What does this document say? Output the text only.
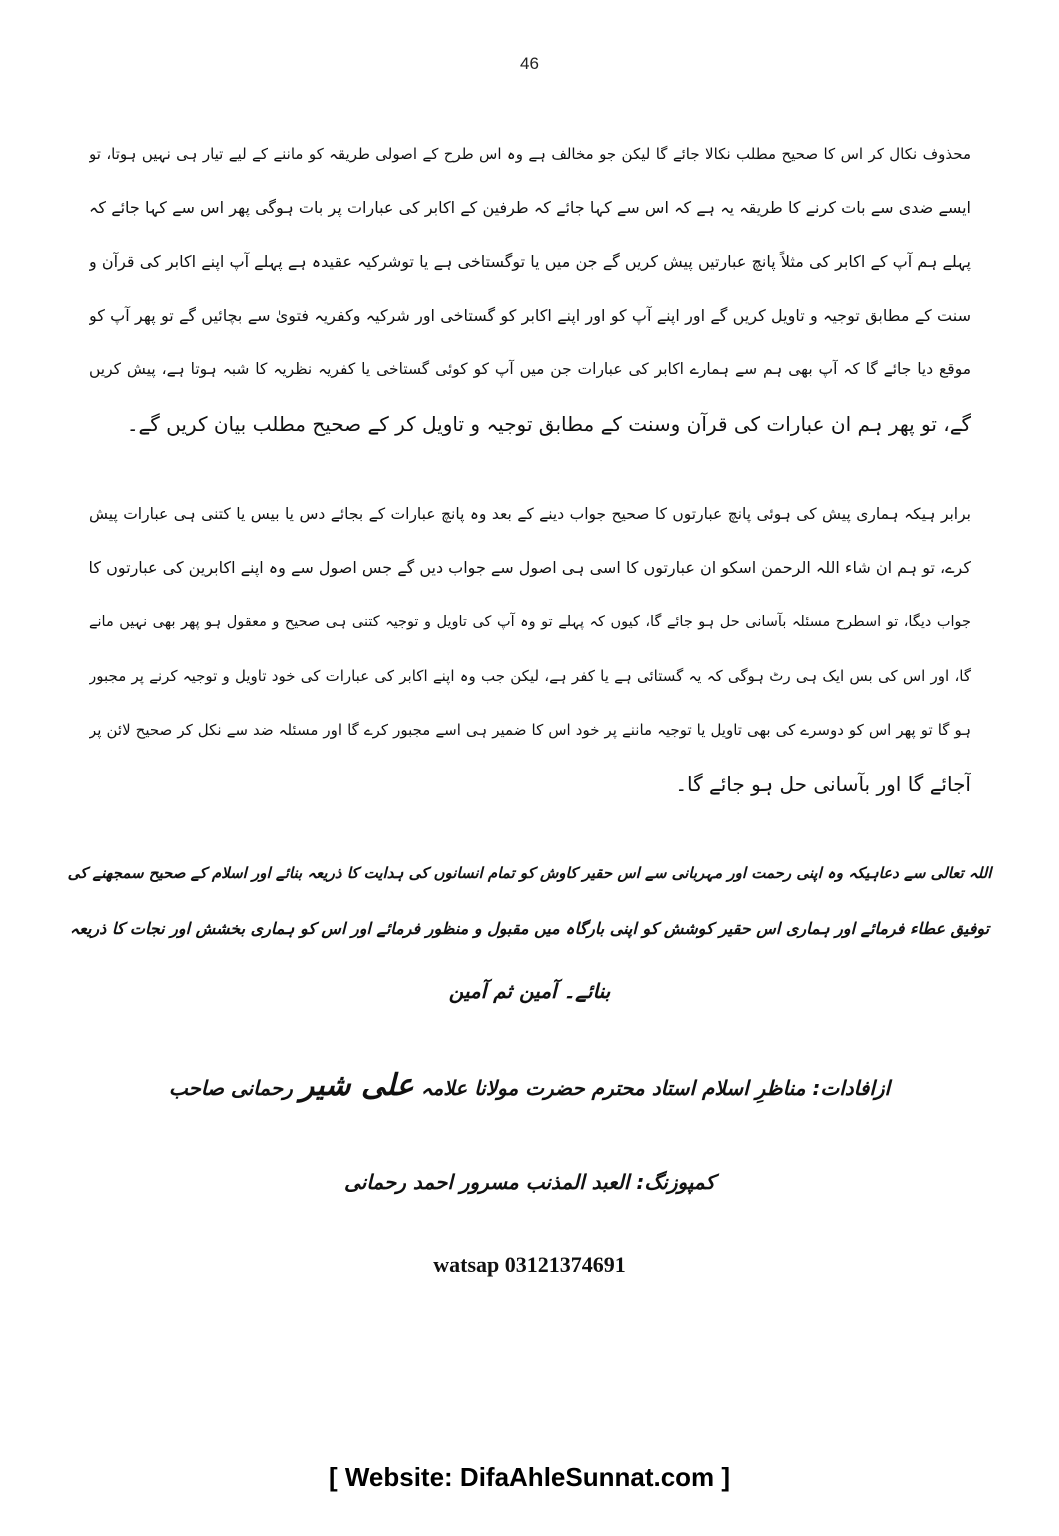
46
محذوف نکال کر اس کا صحیح مطلب نکالا جائے گا لیکن جو مخالف ہے وہ اس طرح کے اصولی طریقہ کو ماننے کے لیے تیار ہی نہیں ہوتا، تو
ایسے ضدی سے بات کرنے کا طریقہ یہ ہے کہ اس سے کہا جائے کہ طرفین کے اکابر کی عبارات پر بات ہوگی پھر اس سے کہا جائے کہ
پہلے ہم آپ کے اکابر کی مثلاً پانچ عبارتیں پیش کریں گے جن میں یا توگستاخی ہے یا توشرکیہ عقیدہ ہے پہلے آپ اپنے اکابر کی قرآن و
سنت کے مطابق توجیہ و تاویل کریں گے اور اپنے آپ کو اور اپنے اکابر کو گستاخی اور شرکیہ وکفریہ فتویٰ سے بچائیں گے تو پھر آپ کو
موقع دیا جائے گا کہ آپ بھی ہم سے ہمارے اکابر کی عبارات جن میں آپ کو کوئی گستاخی یا کفریہ نظریہ کا شبہ ہوتا ہے، پیش کریں
گے، تو پھر ہم ان عبارات کی قرآن وسنت کے مطابق توجیہ و تاویل کر کے صحیح مطلب بیان کریں گے۔
برابر ہیکہ ہماری پیش کی ہوئی پانچ عبارتوں کا صحیح جواب دینے کے بعد وہ پانچ عبارات کے بجائے دس یا بیس یا کتنی ہی عبارات پیش
کرے، تو ہم ان شاء اللہ الرحمن اسکو ان عبارتوں کا اسی ہی اصول سے جواب دیں گے جس اصول سے وہ اپنے اکابرین کی عبارتوں کا
جواب دیگا، تو اسطرح مسئلہ بآسانی حل ہو جائے گا، کیوں کہ پہلے تو وہ آپ کی تاویل و توجیہ کتنی ہی صحیح و معقول ہو پھر بھی نہیں مانے
گا، اور اس کی بس ایک ہی رٹ ہوگی کہ یہ گستائی ہے یا کفر ہے، لیکن جب وہ اپنے اکابر کی عبارات کی خود تاویل و توجیہ کرنے پر مجبور
ہو گا تو پھر اس کو دوسرے کی بھی تاویل یا توجیہ ماننے پر خود اس کا ضمیر ہی اسے مجبور کرے گا اور مسئلہ ضد سے نکل کر صحیح لائن پر
آجائے گا اور بآسانی حل ہو جائے گا۔
اللہ تعالی سے دعاہیکہ وہ اپنی رحمت اور مہربانی سے اس حقیر کاوش کو تمام انسانوں کی ہدایت کا ذریعہ بنائے اور اسلام کے صحیح سمجھنے کی
توفیق عطاء فرمائے اور ہماری اس حقیر کوشش کو اپنی بارگاہ میں مقبول و منظور فرمائے اور اس کو ہماری بخشش اور نجات کا ذریعہ
بنائے۔ آمین ثم آمین
ازافادات: مناظرِ اسلام استاد محترم حضرت مولانا علامہ علی شیر رحمانی صاحب
کمپوزنگ: العبد المذنب مسرور احمد رحمانی
watsap 03121374691
[ Website: DifaAhleSunnat.com ]
